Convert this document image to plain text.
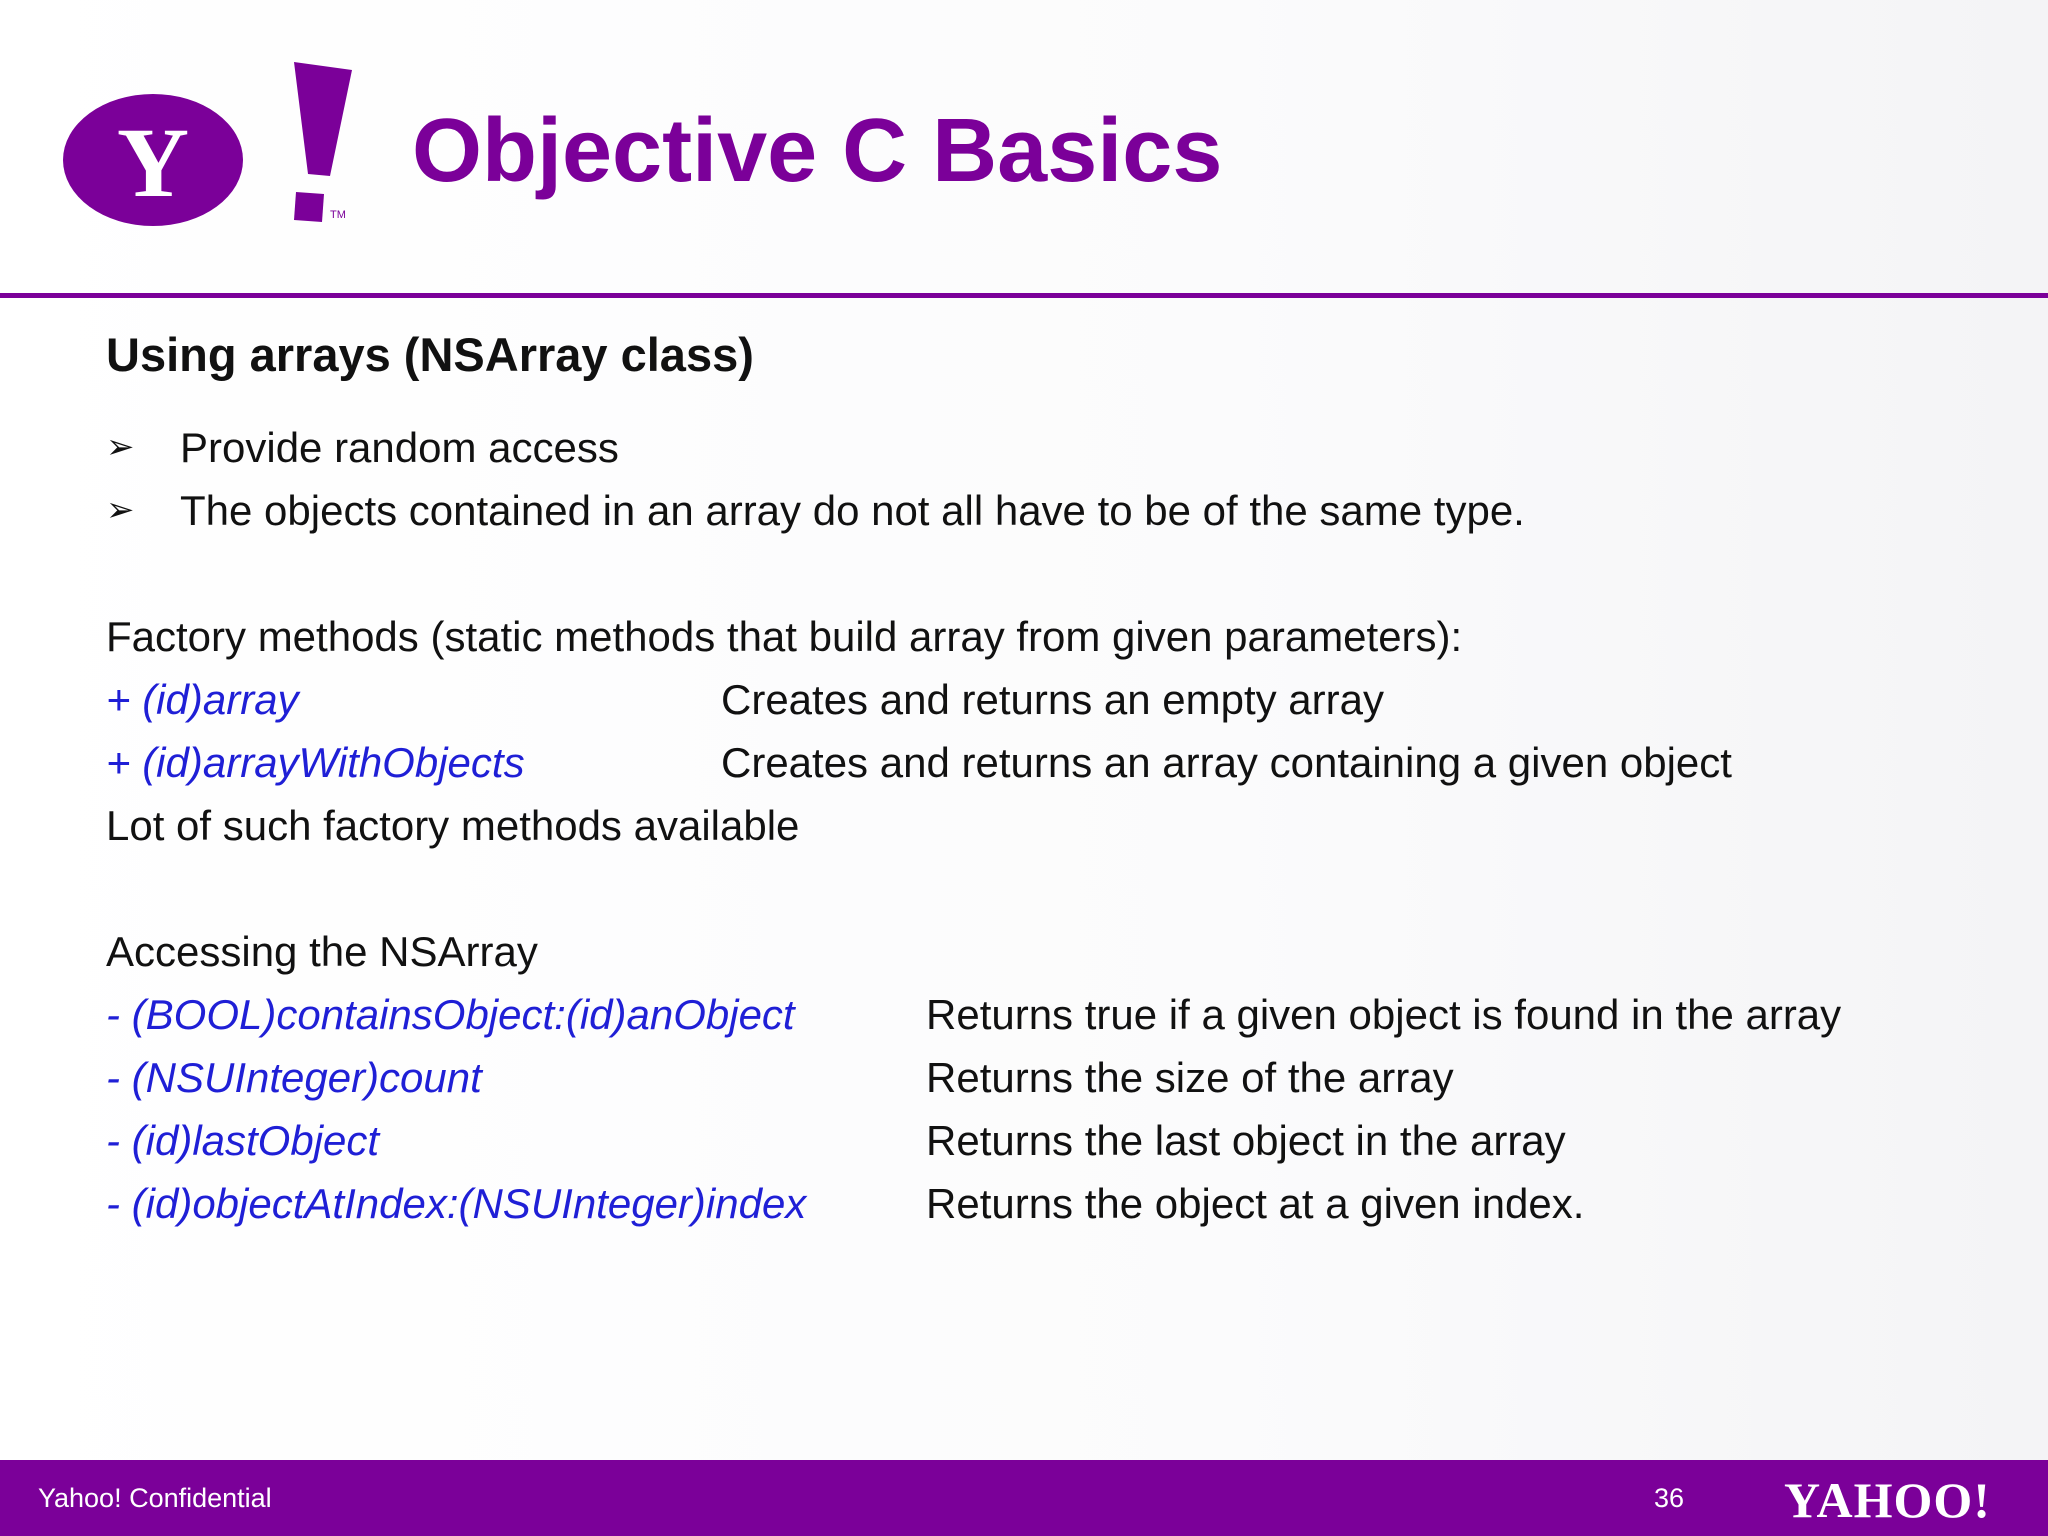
Y	TM
Objective C Basics
Using arrays (NSArray class)
➢	Provide random access
➢	The objects contained in an array do not all have to be of the same type.
Factory methods (static methods that build array from given parameters):
+ (id)array	Creates and returns an empty array
+ (id)arrayWithObjects	Creates and returns an array containing a given object
Lot of such factory methods available
Accessing the NSArray
- (BOOL)containsObject:(id)anObject	Returns true if a given object is found in the array
- (NSUInteger)count	Returns the size of the array
- (id)lastObject	Returns the last object in the array
- (id)objectAtIndex:(NSUInteger)index	Returns the object at a given index.
Yahoo! Confidential	36 YAHOO!
